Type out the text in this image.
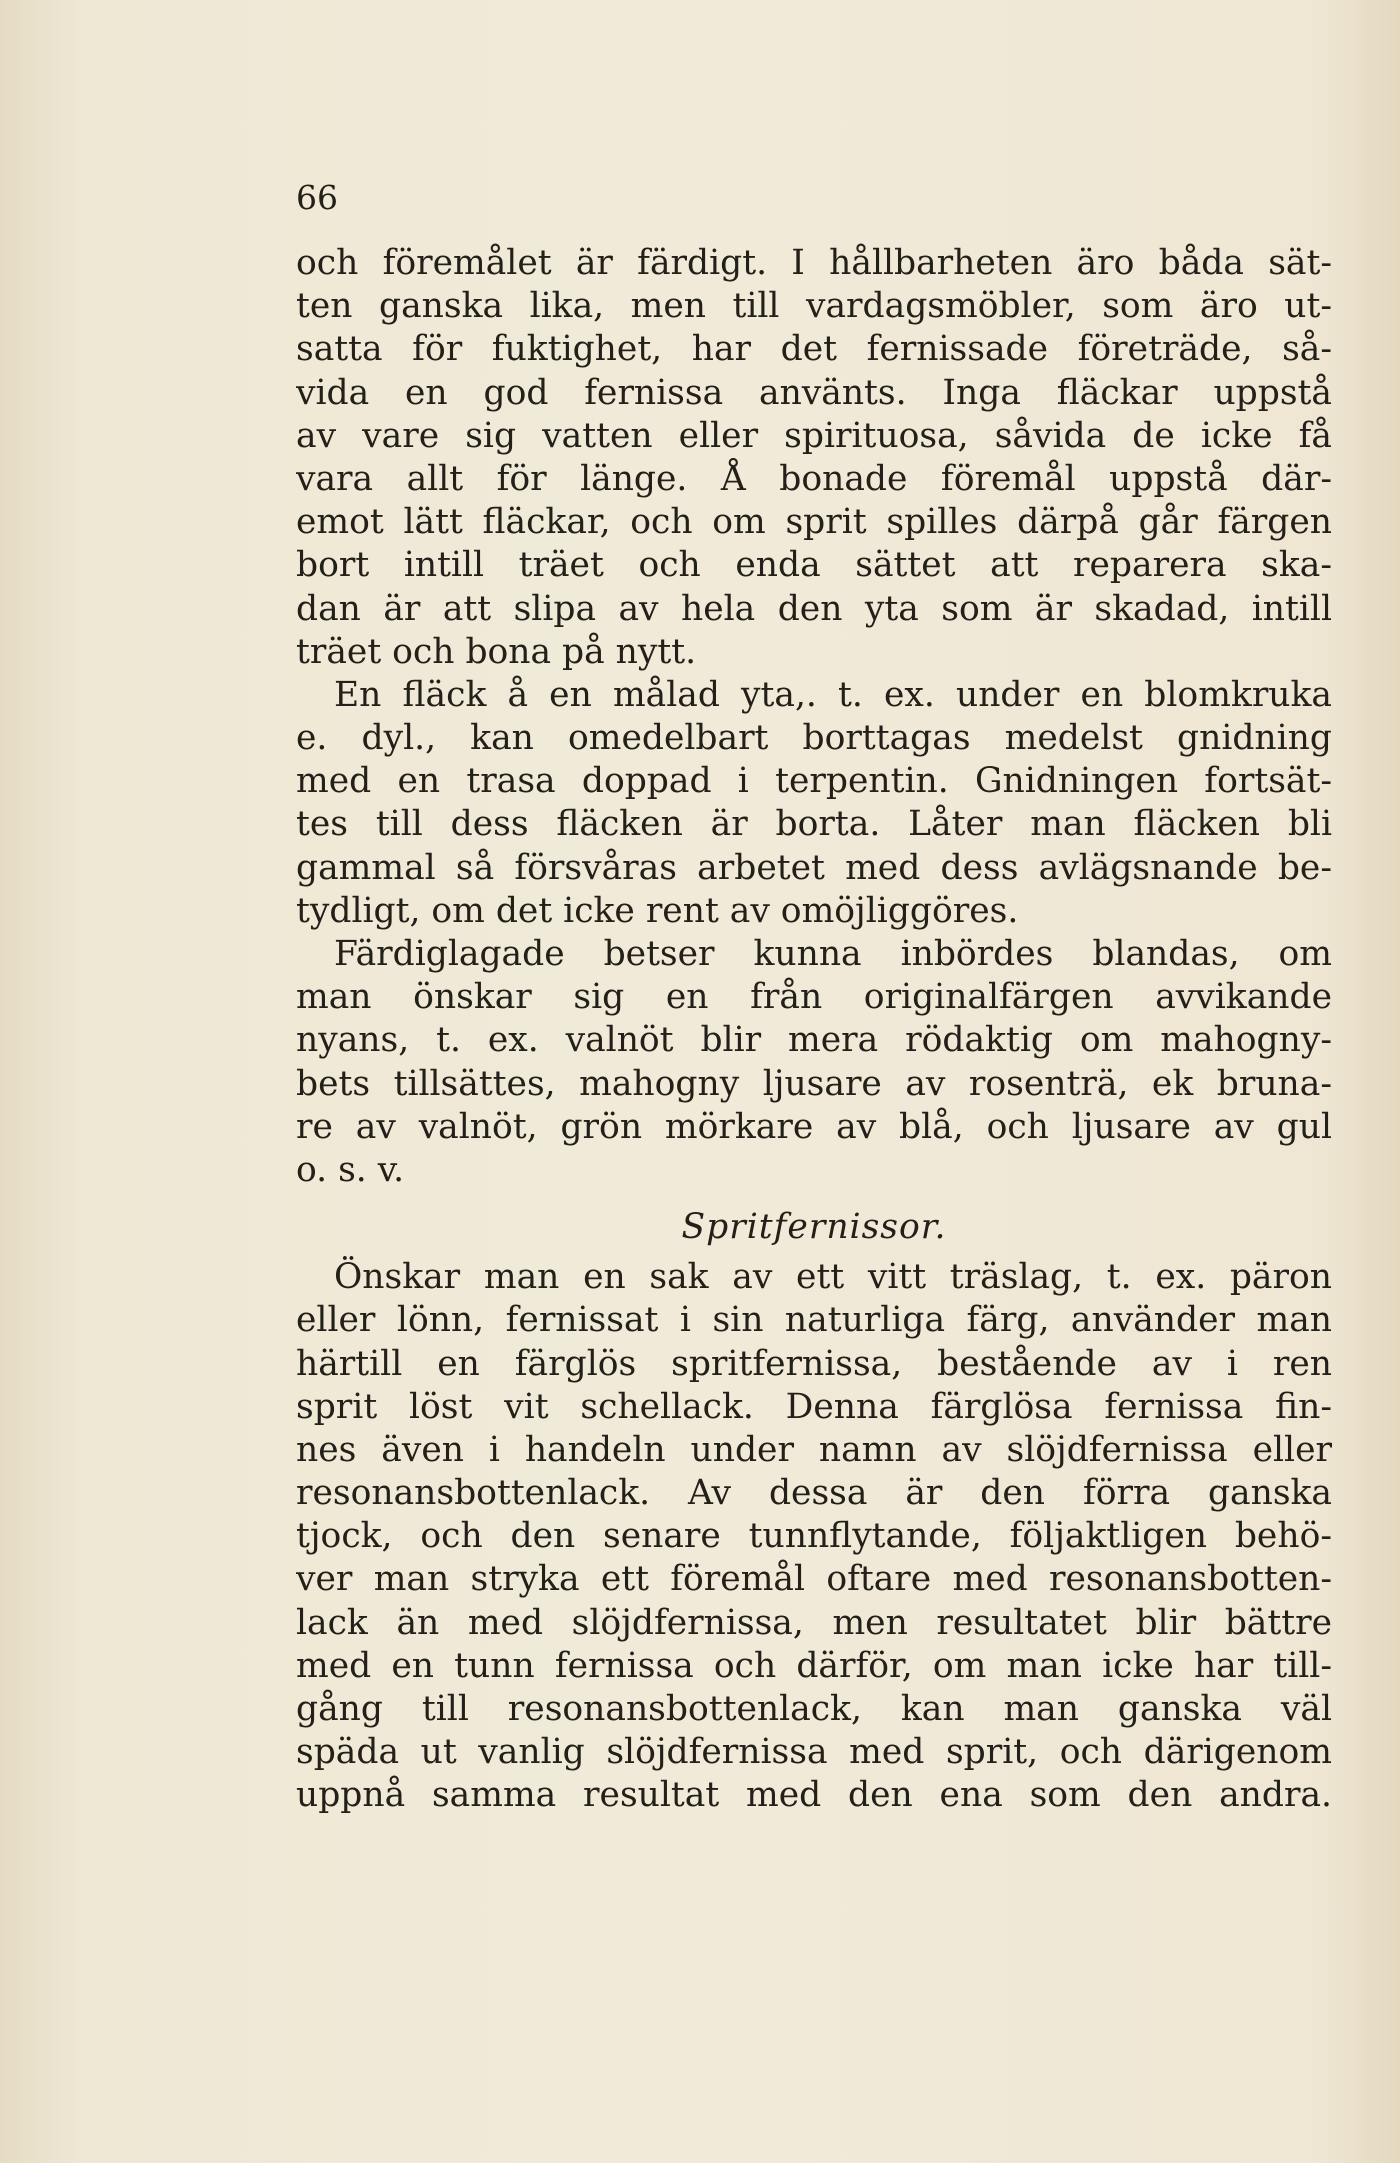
66
och föremålet är färdigt. I hållbarheten äro båda sät-
ten ganska lika, men till vardagsmöbler, som äro ut-
satta för fuktighet, har det fernissade företräde, så-
vida en god fernissa använts. Inga fläckar uppstå
av vare sig vatten eller spirituosa, såvida de icke få
vara allt för länge. Å bonade föremål uppstå där-
emot lätt fläckar, och om sprit spilles därpå går färgen
bort intill träet och enda sättet att reparera ska-
dan är att slipa av hela den yta som är skadad, intill
träet och bona på nytt.
En fläck å en målad yta,. t. ex. under en blomkruka
e. dyl., kan omedelbart borttagas medelst gnidning
med en trasa doppad i terpentin. Gnidningen fortsät-
tes till dess fläcken är borta. Låter man fläcken bli
gammal så försvåras arbetet med dess avlägsnande be-
tydligt, om det icke rent av omöjliggöres.
Färdiglagade betser kunna inbördes blandas, om
man önskar sig en från originalfärgen avvikande
nyans, t. ex. valnöt blir mera rödaktig om mahogny-
bets tillsättes, mahogny ljusare av rosenträ, ek bruna-
re av valnöt, grön mörkare av blå, och ljusare av gul
o. s. v.
Spritfernissor.
Önskar man en sak av ett vitt träslag, t. ex. päron
eller lönn, fernissat i sin naturliga färg, använder man
härtill en färglös spritfernissa, bestående av i ren
sprit löst vit schellack. Denna färglösa fernissa fin-
nes även i handeln under namn av slöjdfernissa eller
resonansbottenlack. Av dessa är den förra ganska
tjock, och den senare tunnflytande, följaktligen behö-
ver man stryka ett föremål oftare med resonansbotten-
lack än med slöjdfernissa, men resultatet blir bättre
med en tunn fernissa och därför, om man icke har till-
gång till resonansbottenlack, kan man ganska väl
späda ut vanlig slöjdfernissa med sprit, och därigenom
uppnå samma resultat med den ena som den andra.
